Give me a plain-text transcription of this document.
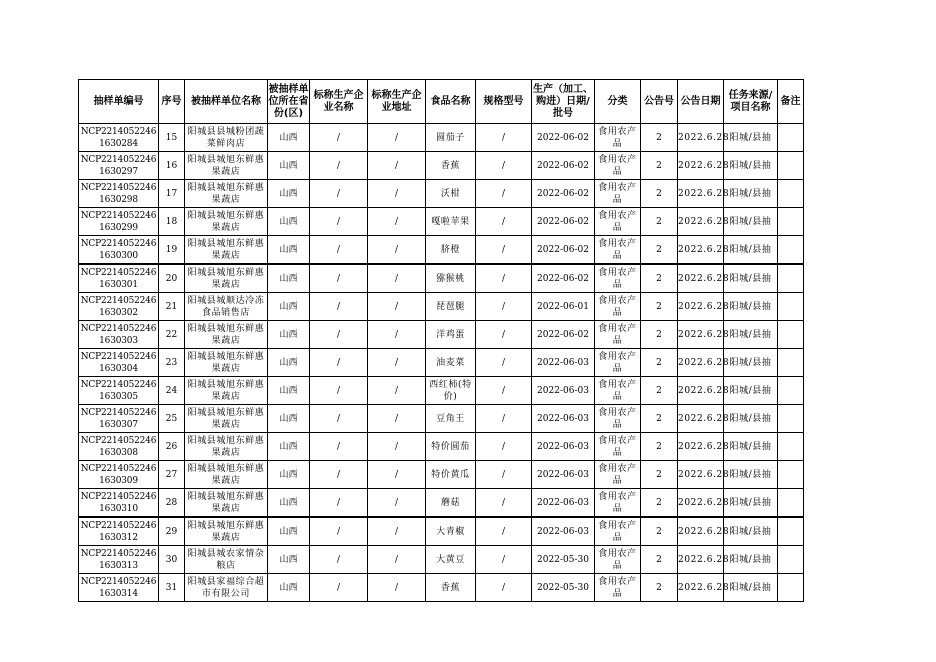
抽样单编号	序号	被抽样单位名称	被抽样单位所在省份(区)	标称生产企业名称	标称生产企业地址	食品名称	规格型号	生产（加工、购进）日期/批号	分类	公告号	公告日期	任务来源/项目名称	备注

NCP2214052246 1630284	15	阳城县县城粉团蔬菜鲜肉店	山西	/	/	圆茄子	/	2022-06-02	食用农产品	2	2022.6.28	阳城/县抽	
NCP2214052246 1630297	16	阳城县城旭东鲜惠果蔬店	山西	/	/	香蕉	/	2022-06-02	食用农产品	2	2022.6.28	阳城/县抽	
NCP2214052246 1630298	17	阳城县城旭东鲜惠果蔬店	山西	/	/	沃柑	/	2022-06-02	食用农产品	2	2022.6.28	阳城/县抽	
NCP2214052246 1630299	18	阳城县城旭东鲜惠果蔬店	山西	/	/	嘎啦苹果	/	2022-06-02	食用农产品	2	2022.6.28	阳城/县抽	
NCP2214052246 1630300	19	阳城县城旭东鲜惠果蔬店	山西	/	/	脐橙	/	2022-06-02	食用农产品	2	2022.6.28	阳城/县抽	
NCP2214052246 1630301	20	阳城县城旭东鲜惠果蔬店	山西	/	/	猕猴桃	/	2022-06-02	食用农产品	2	2022.6.28	阳城/县抽	
NCP2214052246 1630302	21	阳城县城顺达冷冻食品销售店	山西	/	/	琵琶腿	/	2022-06-01	食用农产品	2	2022.6.28	阳城/县抽	
NCP2214052246 1630303	22	阳城县城旭东鲜惠果蔬店	山西	/	/	洋鸡蛋	/	2022-06-02	食用农产品	2	2022.6.28	阳城/县抽	
NCP2214052246 1630304	23	阳城县城旭东鲜惠果蔬店	山西	/	/	油麦菜	/	2022-06-03	食用农产品	2	2022.6.28	阳城/县抽	
NCP2214052246 1630305	24	阳城县城旭东鲜惠果蔬店	山西	/	/	西红柿(特价)	/	2022-06-03	食用农产品	2	2022.6.28	阳城/县抽	
NCP2214052246 1630307	25	阳城县城旭东鲜惠果蔬店	山西	/	/	豆角王	/	2022-06-03	食用农产品	2	2022.6.28	阳城/县抽	
NCP2214052246 1630308	26	阳城县城旭东鲜惠果蔬店	山西	/	/	特价圆茄	/	2022-06-03	食用农产品	2	2022.6.28	阳城/县抽	
NCP2214052246 1630309	27	阳城县城旭东鲜惠果蔬店	山西	/	/	特价黄瓜	/	2022-06-03	食用农产品	2	2022.6.28	阳城/县抽	
NCP2214052246 1630310	28	阳城县城旭东鲜惠果蔬店	山西	/	/	蘑菇	/	2022-06-03	食用农产品	2	2022.6.28	阳城/县抽	
NCP2214052246 1630312	29	阳城县城旭东鲜惠果蔬店	山西	/	/	大青椒	/	2022-06-03	食用农产品	2	2022.6.28	阳城/县抽	
NCP2214052246 1630313	30	阳城县城农家情杂粮店	山西	/	/	大黄豆	/	2022-05-30	食用农产品	2	2022.6.28	阳城/县抽	
NCP2214052246 1630314	31	阳城县家福综合超市有限公司	山西	/	/	香蕉	/	2022-05-30	食用农产品	2	2022.6.28	阳城/县抽	
